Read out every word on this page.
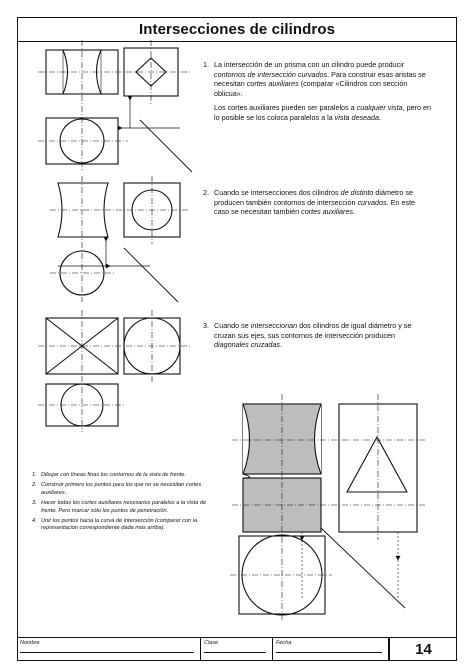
Intersecciones de cilindros
1. La intersección de un prisma con un cilindro puede producir contornos de intersección curvados. Para construir esas aristas se necesitan cortes auxiliares (comparar «Cilindros con sección oblicua».

Los cortes auxiliares pueden ser paralelos a cualquier vista, pero en lo posible se los coloca paralelos a la vista deseada.

2. Cuando se intersecciones dos cilindros de distinto diámetro se producen también contornos de intersección curvados. En este caso se necesitan también cortes auxiliares.

3. Cuando se interseccionan dos cilindros de igual diámetro y se cruzan sus ejes, sus contornos de intersección producen diagonales cruzadas.

1. Dibujar con líneas finas los contornos de la vista de frente.
2. Construir primero los puntos para los que no se necesitan cortes auxiliares.
3. Hacer todas los cortes auxiliares necesarios paralelos a la vista de frente. Pero marcar sólo los puntos de penetración.
4. Unir los puntos hacia la curva de intersección (comparar con la representación correspondiente dada más arriba).
Nombre	Clase	Fecha	14
